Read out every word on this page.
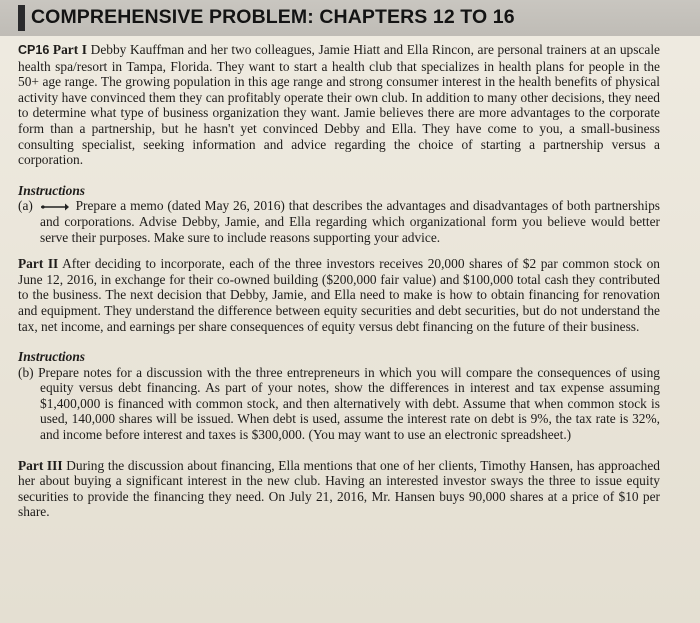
COMPREHENSIVE PROBLEM: CHAPTERS 12 TO 16

CP16 Part I Debby Kauffman and her two colleagues, Jamie Hiatt and Ella Rincon, are personal trainers at an upscale health spa/resort in Tampa, Florida. They want to start a health club that specializes in health plans for people in the 50+ age range. The growing population in this age range and strong consumer interest in the health benefits of physical activity have convinced them they can profitably operate their own club. In addition to many other decisions, they need to determine what type of business organization they want. Jamie believes there are more advantages to the corporate form than a partnership, but he hasn't yet convinced Debby and Ella. They have come to you, a small-business consulting specialist, seeking information and advice regarding the choice of starting a partnership versus a corporation.

Instructions

(a)	Prepare a memo (dated May 26, 2016) that describes the advantages and disadvantages of both partnerships and corporations. Advise Debby, Jamie, and Ella regarding which organizational form you believe would better serve their purposes. Make sure to include reasons supporting your advice.

Part II After deciding to incorporate, each of the three investors receives 20,000 shares of $2 par common stock on June 12, 2016, in exchange for their co-owned building ($200,000 fair value) and $100,000 total cash they contributed to the business. The next decision that Debby, Jamie, and Ella need to make is how to obtain financing for renovation and equipment. They understand the difference between equity securities and debt securities, but do not understand the tax, net income, and earnings per share consequences of equity versus debt financing on the future of their business.

Instructions

(b) Prepare notes for a discussion with the three entrepreneurs in which you will compare the consequences of using equity versus debt financing. As part of your notes, show the differences in interest and tax expense assuming $1,400,000 is financed with common stock, and then alternatively with debt. Assume that when common stock is used, 140,000 shares will be issued. When debt is used, assume the interest rate on debt is 9%, the tax rate is 32%, and income before interest and taxes is $300,000. (You may want to use an electronic spreadsheet.)

Part III During the discussion about financing, Ella mentions that one of her clients, Timothy Hansen, has approached her about buying a significant interest in the new club. Having an interested investor sways the three to issue equity securities to provide the financing they need. On July 21, 2016, Mr. Hansen buys 90,000 shares at a price of $10 per share.
